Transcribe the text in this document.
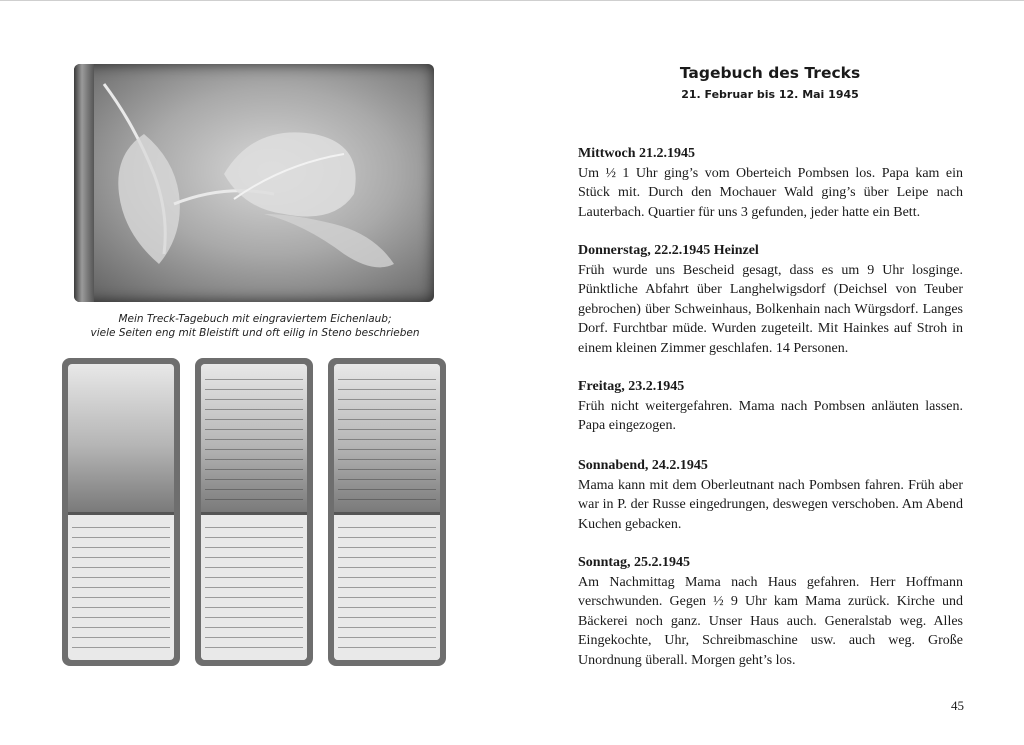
Mein Treck-Tagebuch mit eingraviertem Eichenlaub;
viele Seiten eng mit Bleistift und oft eilig in Steno beschrieben
Tagebuch des Trecks
21. Februar bis 12. Mai 1945
Mittwoch 21.2.1945
Um ½ 1 Uhr ging’s vom Oberteich Pombsen los. Papa kam ein Stück mit. Durch den Mochauer Wald ging’s über Leipe nach Lauterbach. Quartier für uns 3 gefunden, jeder hatte ein Bett.
Donnerstag, 22.2.1945 Heinzel
Früh wurde uns Bescheid gesagt, dass es um 9 Uhr losginge. Pünktliche Abfahrt über Langhelwigsdorf (Deichsel von Teuber gebrochen) über Schweinhaus, Bolkenhain nach Würgsdorf. Langes Dorf. Furchtbar müde. Wurden zugeteilt. Mit Hainkes auf Stroh in einem kleinen Zimmer geschlafen. 14 Personen.
Freitag, 23.2.1945
Früh nicht weitergefahren. Mama nach Pombsen anläuten lassen. Papa eingezogen.
Sonnabend, 24.2.1945
Mama kann mit dem Oberleutnant nach Pombsen fahren. Früh aber war in P. der Russe eingedrungen, deswegen verschoben. Am Abend Kuchen gebacken.
Sonntag, 25.2.1945
Am Nachmittag Mama nach Haus gefahren. Herr Hoffmann verschwunden. Gegen ½ 9 Uhr kam Mama zurück. Kirche und Bäckerei noch ganz. Unser Haus auch. Generalstab weg. Alles Eingekochte, Uhr, Schreibmaschine usw. auch weg. Große Unordnung überall. Morgen geht’s los.
45
